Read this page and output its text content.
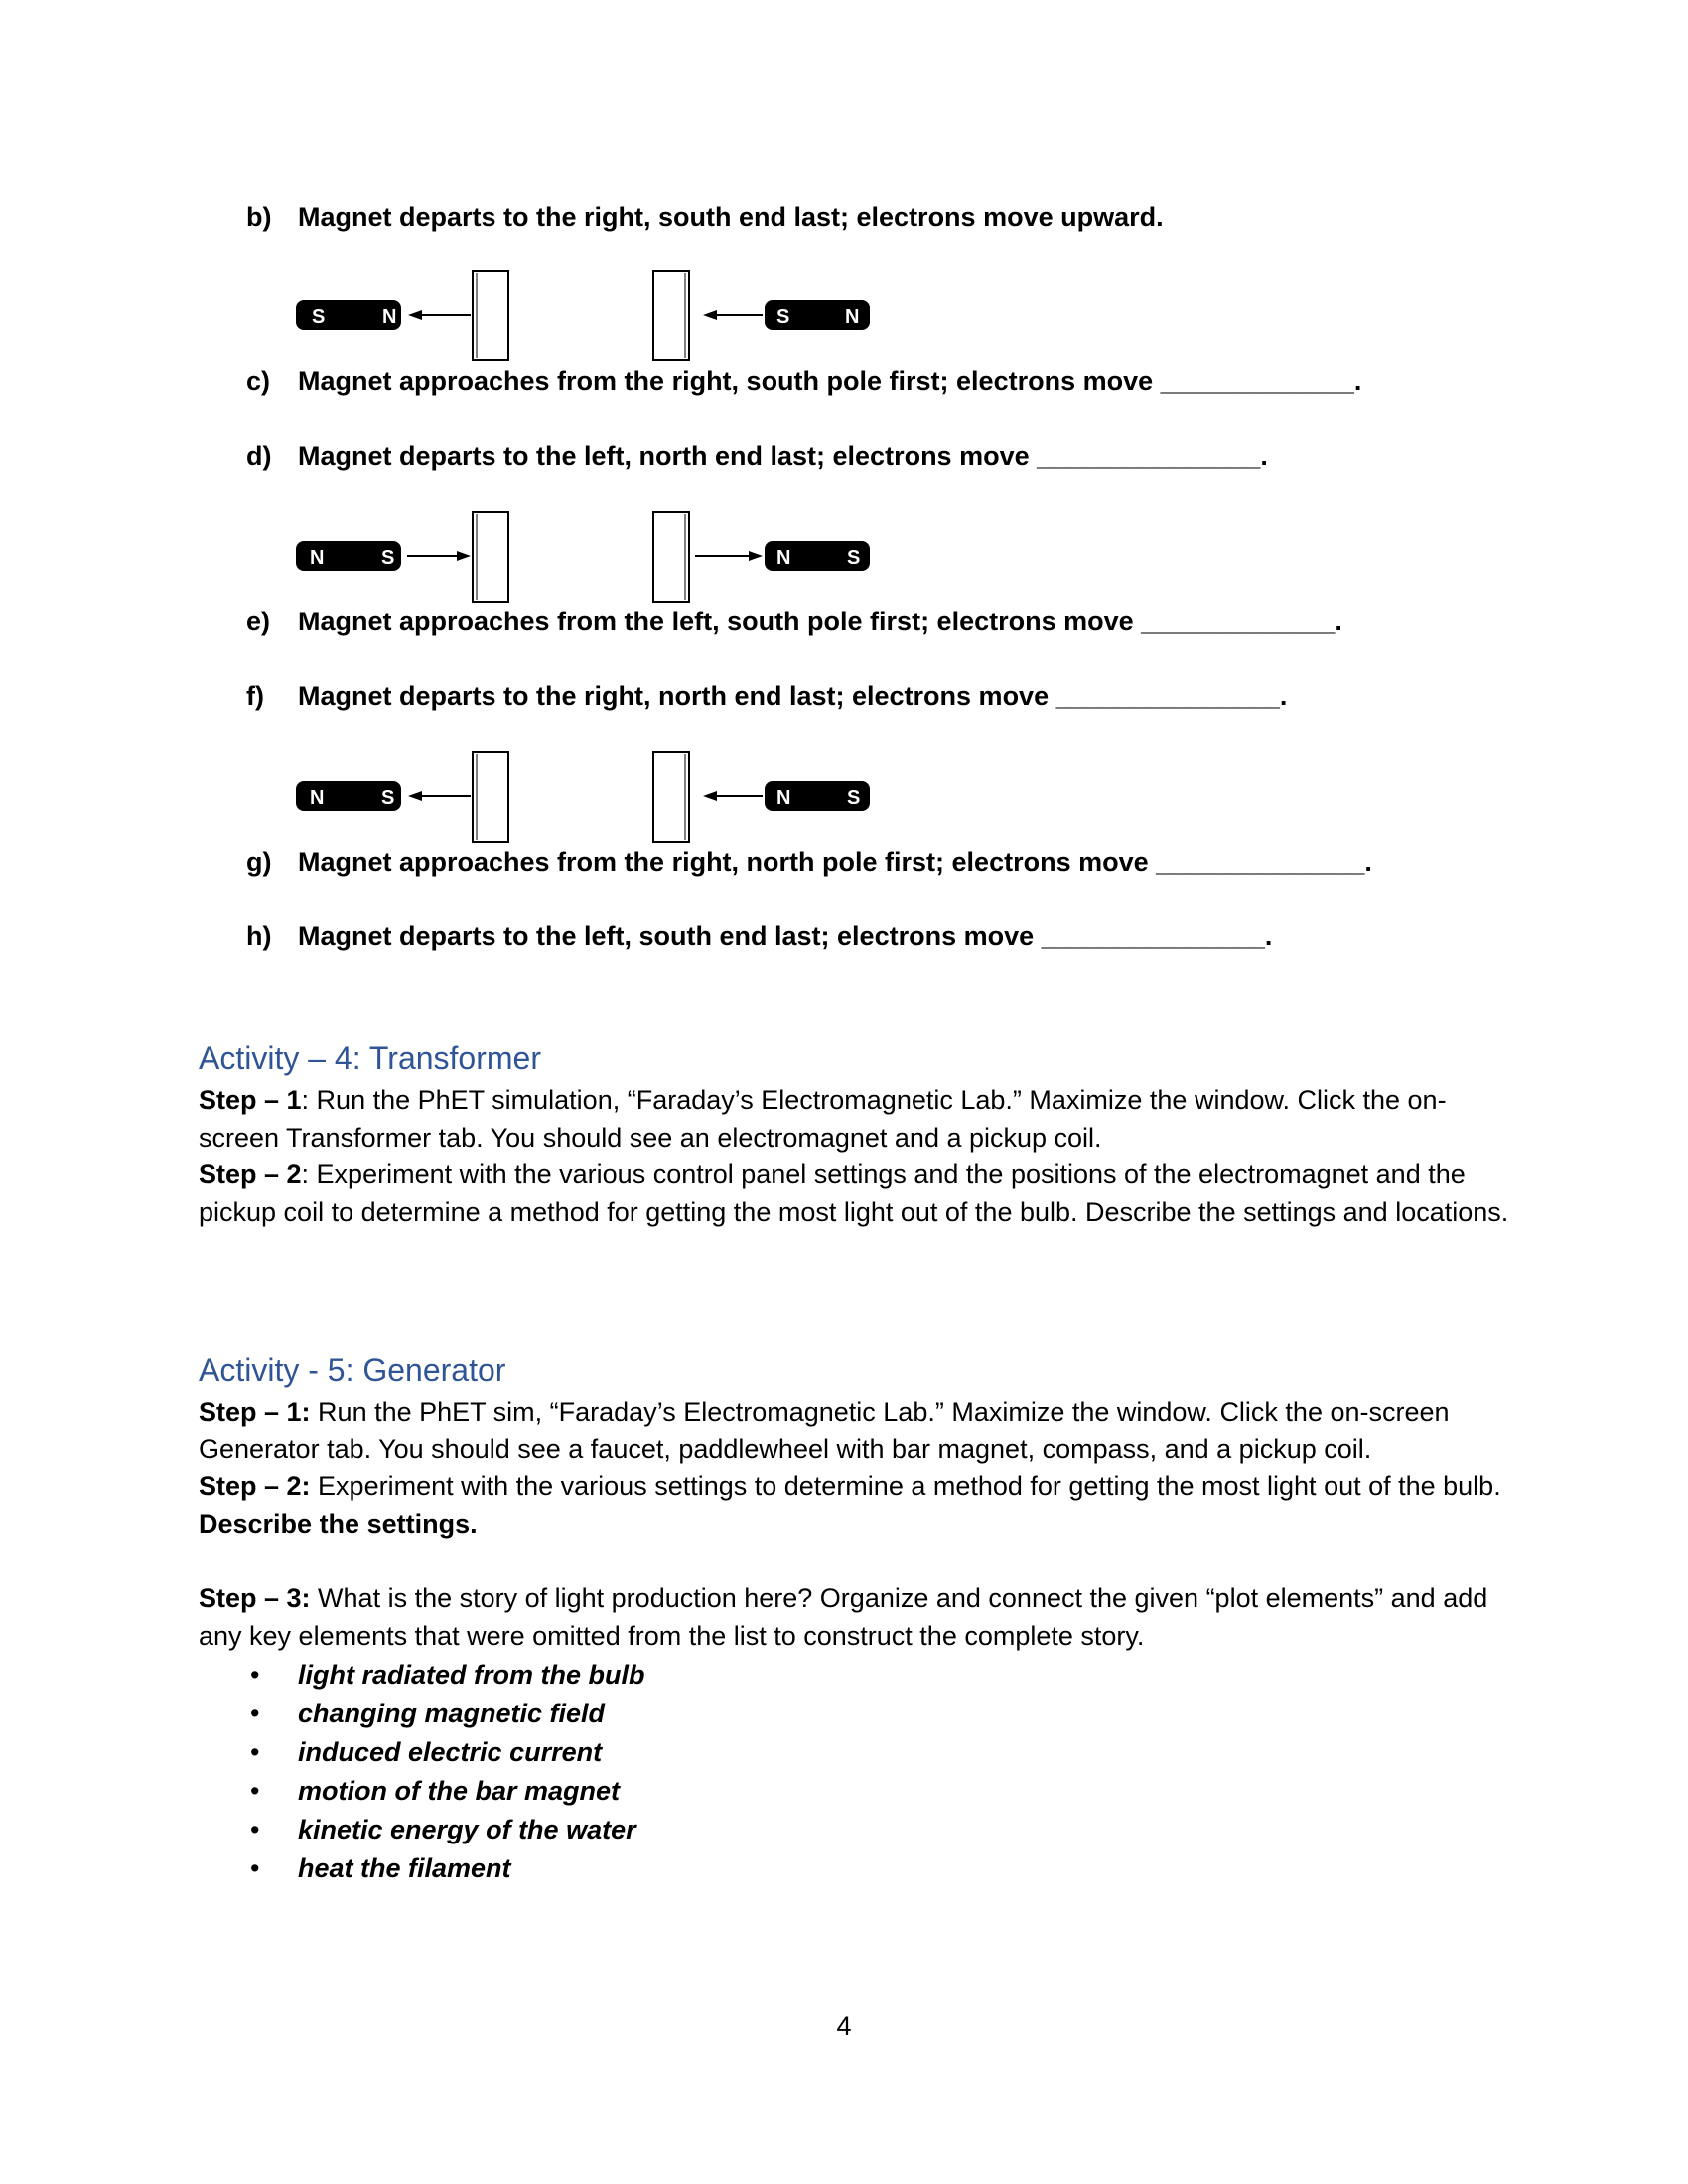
b) Magnet departs to the right, south end last; electrons move upward.
S	N	S	N
c) Magnet approaches from the right, south pole first; electrons move _____________.
d) Magnet departs to the left, north end last; electrons move _______________.
N	S	N	S
e) Magnet approaches from the left, south pole first; electrons move _____________.
f) Magnet departs to the right, north end last; electrons move _______________.
N	S	N	S
g) Magnet approaches from the right, north pole first; electrons move ______________.
h) Magnet departs to the left, south end last; electrons move _______________.
Activity – 4: Transformer
Step – 1: Run the PhET simulation, “Faraday’s Electromagnetic Lab.” Maximize the window. Click the on-screen Transformer tab. You should see an electromagnet and a pickup coil.
Step – 2: Experiment with the various control panel settings and the positions of the electromagnet and the pickup coil to determine a method for getting the most light out of the bulb. Describe the settings and locations.
Activity - 5: Generator
Step – 1: Run the PhET sim, “Faraday’s Electromagnetic Lab.” Maximize the window. Click the on-screen Generator tab. You should see a faucet, paddlewheel with bar magnet, compass, and a pickup coil.
Step – 2: Experiment with the various settings to determine a method for getting the most light out of the bulb. Describe the settings.
Step – 3: What is the story of light production here? Organize and connect the given “plot elements” and add any key elements that were omitted from the list to construct the complete story.
• light radiated from the bulb
• changing magnetic field
• induced electric current
• motion of the bar magnet
• kinetic energy of the water
• heat the filament
4
